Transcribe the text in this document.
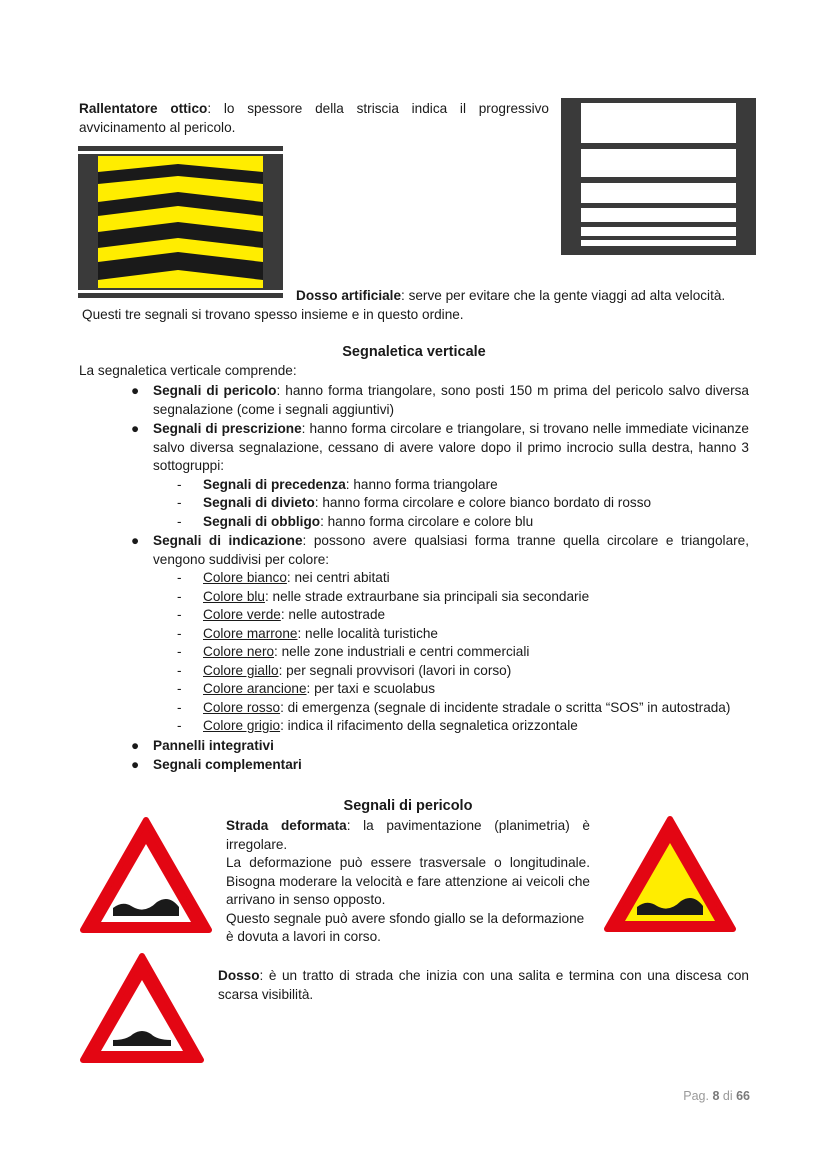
Rallentatore ottico: lo spessore della striscia indica il progressivo avvicinamento al pericolo.
Dosso artificiale: serve per evitare che la gente viaggi ad alta velocità.
Questi tre segnali si trovano spesso insieme e in questo ordine.
Segnaletica verticale
La segnaletica verticale comprende:
● Segnali di pericolo: hanno forma triangolare, sono posti 150 m prima del pericolo salvo diversa segnalazione (come i segnali aggiuntivi)
● Segnali di prescrizione: hanno forma circolare e triangolare, si trovano nelle immediate vicinanze salvo diversa segnalazione, cessano di avere valore dopo il primo incrocio sulla destra, hanno 3 sottogruppi:
- Segnali di precedenza: hanno forma triangolare
- Segnali di divieto: hanno forma circolare e colore bianco bordato di rosso
- Segnali di obbligo: hanno forma circolare e colore blu
● Segnali di indicazione: possono avere qualsiasi forma tranne quella circolare e triangolare, vengono suddivisi per colore:
- Colore bianco: nei centri abitati
- Colore blu: nelle strade extraurbane sia principali sia secondarie
- Colore verde: nelle autostrade
- Colore marrone: nelle località turistiche
- Colore nero: nelle zone industriali e centri commerciali
- Colore giallo: per segnali provvisori (lavori in corso)
- Colore arancione: per taxi e scuolabus
- Colore rosso: di emergenza (segnale di incidente stradale o scritta “SOS” in autostrada)
- Colore grigio: indica il rifacimento della segnaletica orizzontale
● Pannelli integrativi
● Segnali complementari
Segnali di pericolo
Strada deformata: la pavimentazione (planimetria) è irregolare.
La deformazione può essere trasversale o longitudinale. Bisogna moderare la velocità e fare attenzione ai veicoli che arrivano in senso opposto.
Questo segnale può avere sfondo giallo se la deformazione è dovuta a lavori in corso.
Dosso: è un tratto di strada che inizia con una salita e termina con una discesa con scarsa visibilità.
Pag. 8 di 66
